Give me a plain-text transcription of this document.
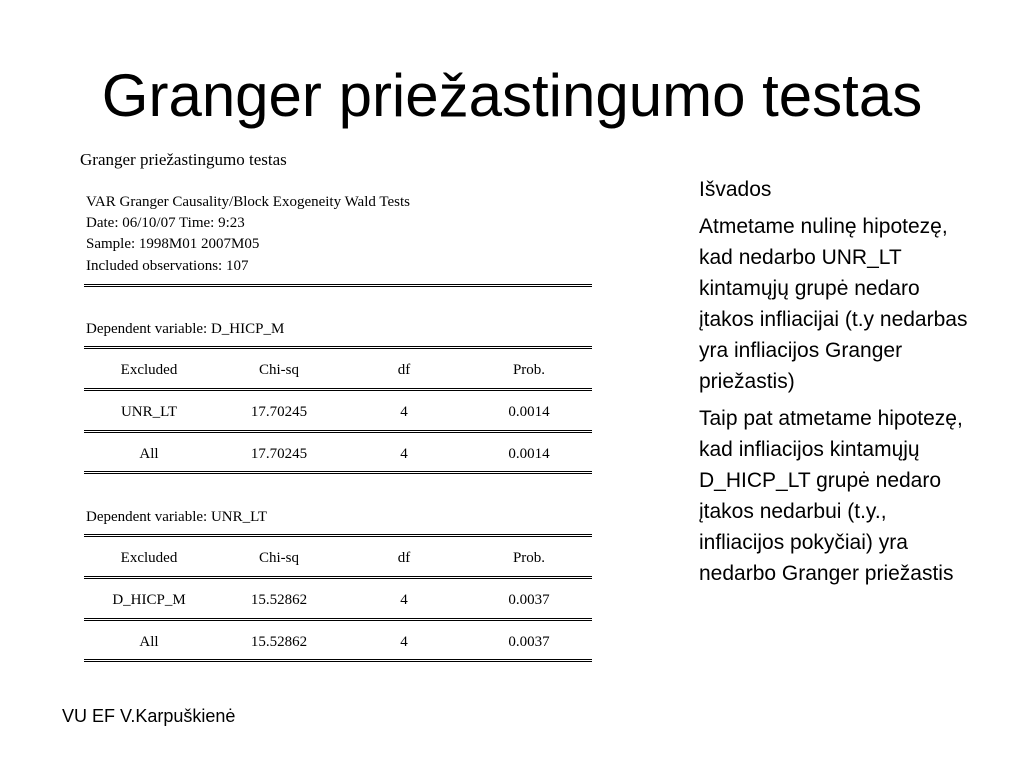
Granger priežastingumo testas
Granger priežastingumo testas
VAR Granger Causality/Block Exogeneity Wald Tests
Date: 06/10/07 Time: 9:23
Sample: 1998M01 2007M05
Included observations: 107
Dependent variable: D_HICP_M
Excluded	Chi-sq	df	Prob.
UNR_LT	17.70245	4	0.0014
All	17.70245	4	0.0014
Dependent variable: UNR_LT
Excluded	Chi-sq	df	Prob.
D_HICP_M	15.52862	4	0.0037
All	15.52862	4	0.0037

Išvados

Atmetame nulinę hipotezę, kad nedarbo UNR_LT kintamųjų grupė nedaro įtakos infliacijai (t.y nedarbas yra infliacijos Granger priežastis)

Taip pat atmetame hipotezę, kad infliacijos kintamųjų D_HICP_LT grupė nedaro įtakos nedarbui (t.y., infliacijos pokyčiai) yra nedarbo Granger priežastis

VU EF V.Karpuškienė
